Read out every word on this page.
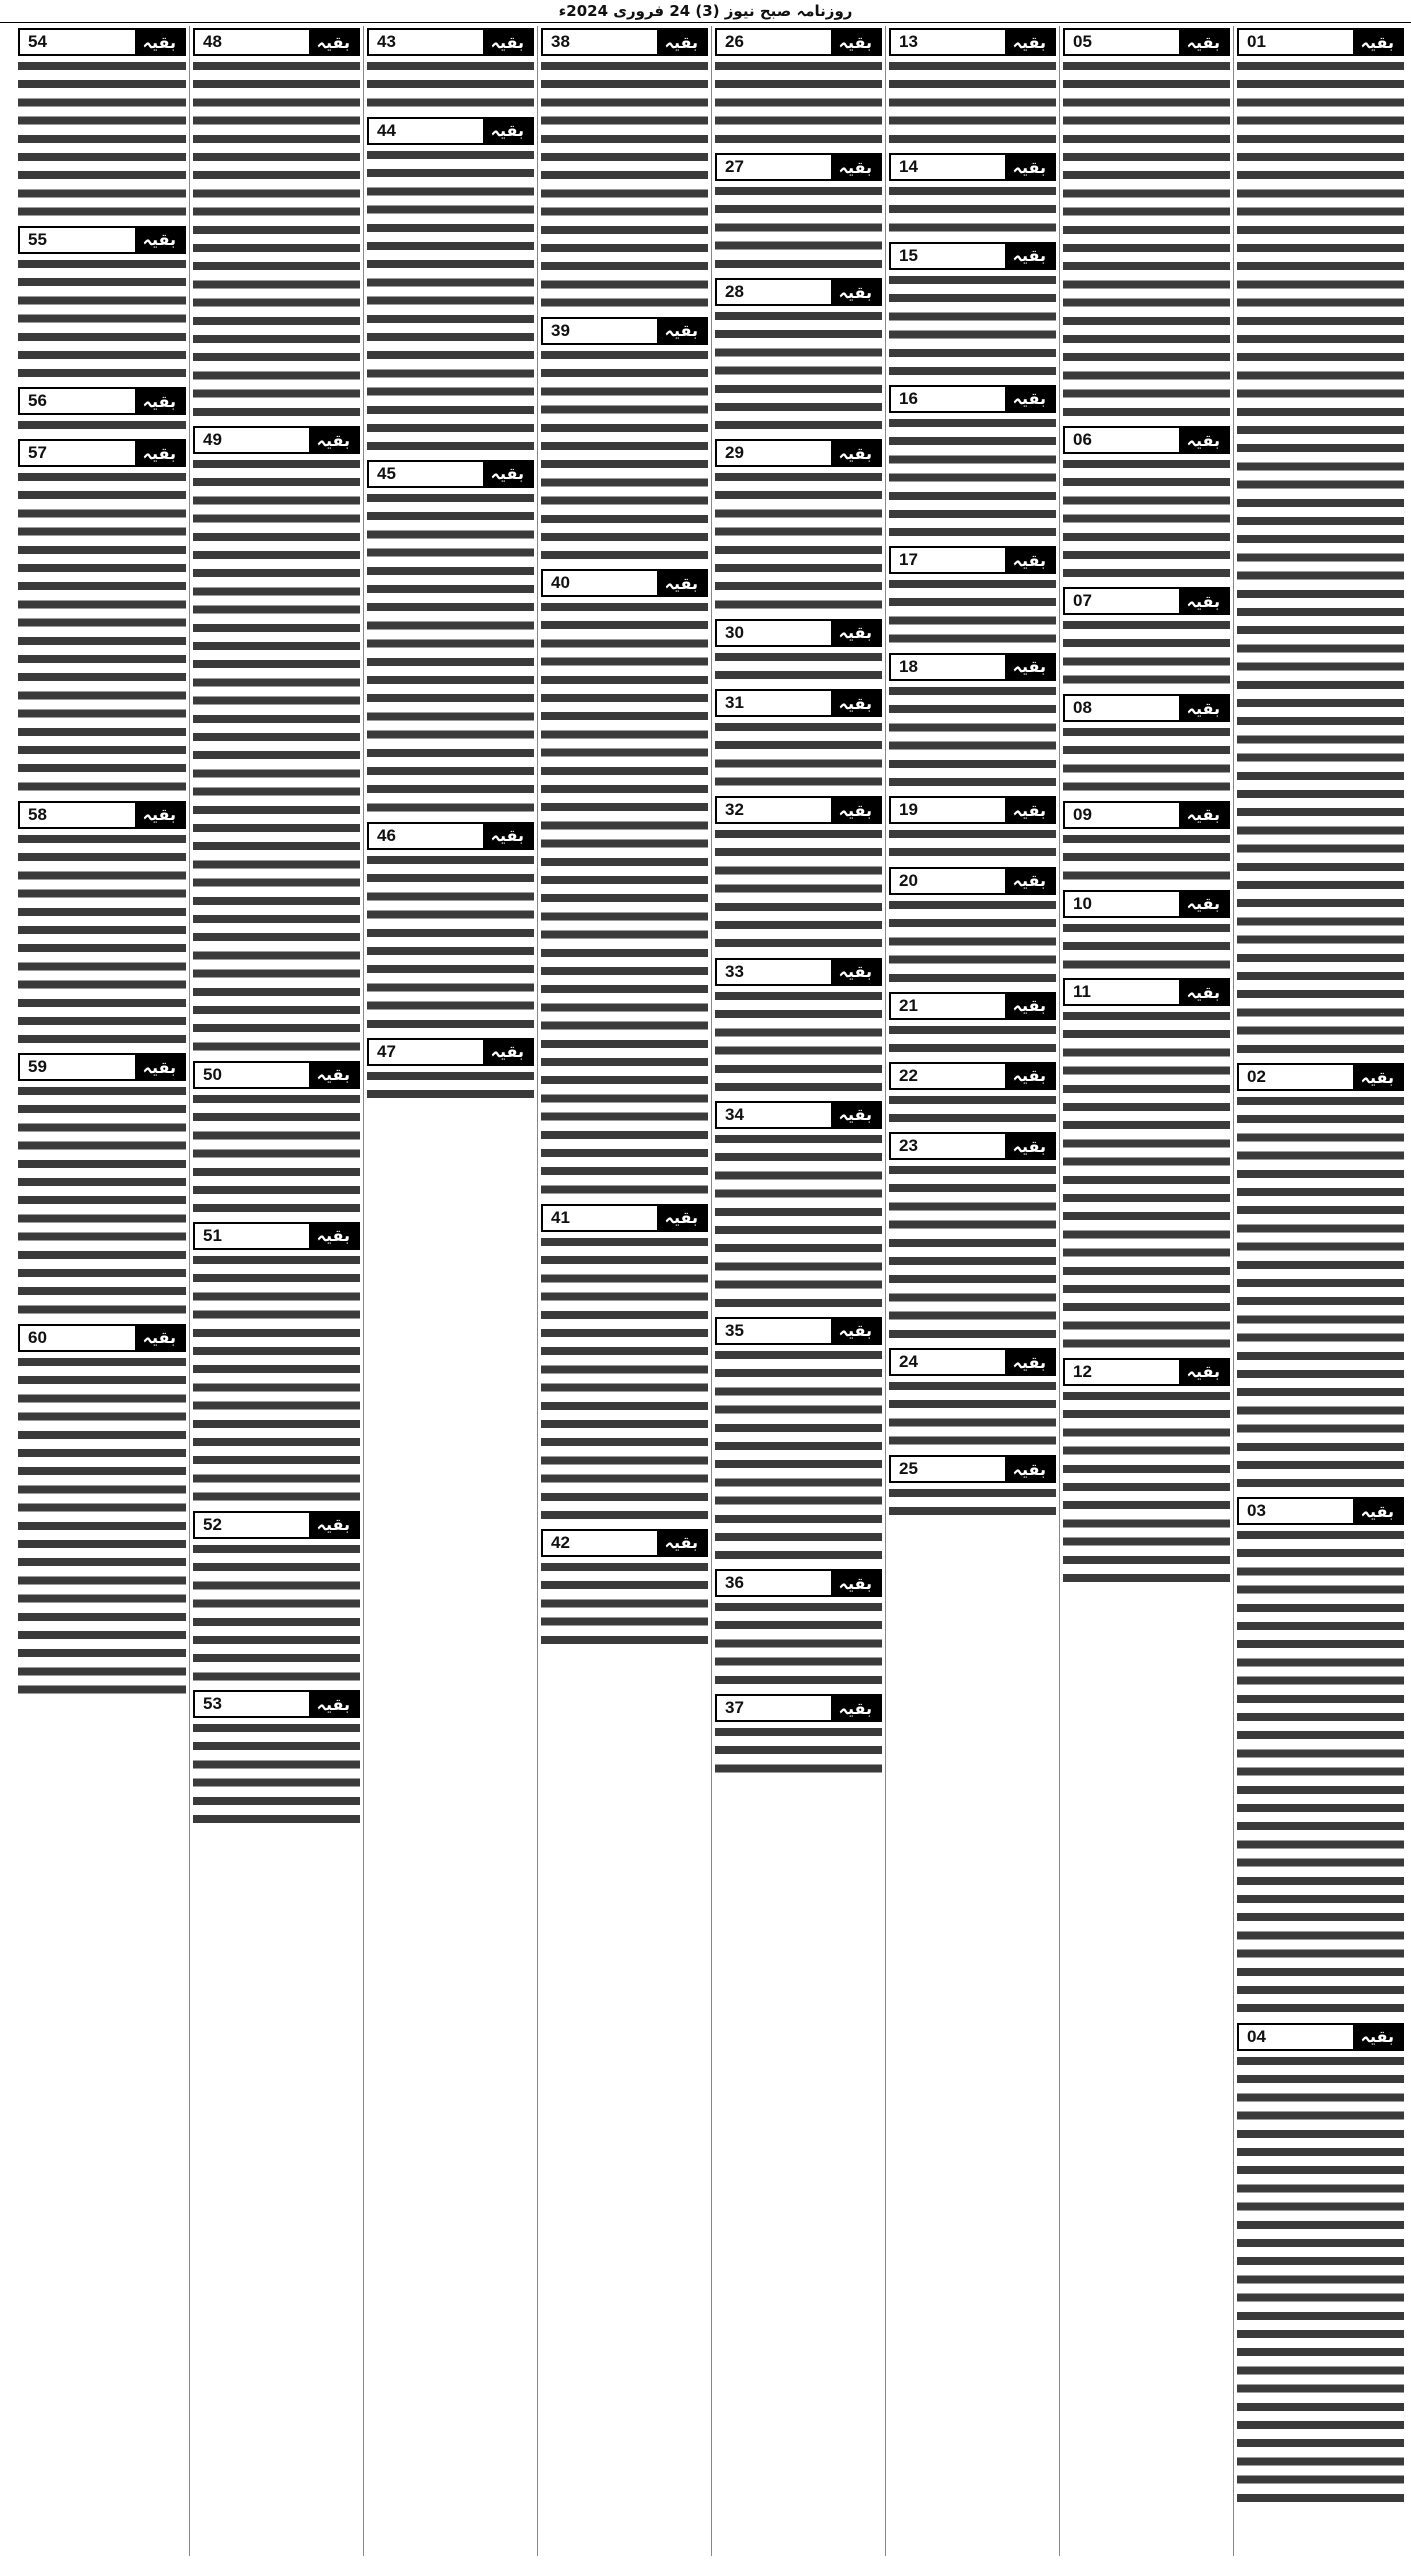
روزنامہ صبح نیوز (3) 24 فروری 2024ء
بقیہ
01
بقیہ
02
بقیہ
03
بقیہ
04
بقیہ
05
بقیہ
06
بقیہ
07
بقیہ
08
بقیہ
09
بقیہ
10
بقیہ
11
بقیہ
12
بقیہ
13
بقیہ
14
بقیہ
15
بقیہ
16
بقیہ
17
بقیہ
18
بقیہ
19
بقیہ
20
بقیہ
21
بقیہ
22
بقیہ
23
بقیہ
24
بقیہ
25
بقیہ
26
بقیہ
27
بقیہ
28
بقیہ
29
بقیہ
30
بقیہ
31
بقیہ
32
بقیہ
33
بقیہ
34
بقیہ
35
بقیہ
36
بقیہ
37
بقیہ
38
بقیہ
39
بقیہ
40
بقیہ
41
بقیہ
42
بقیہ
43
بقیہ
44
بقیہ
45
بقیہ
46
بقیہ
47
بقیہ
48
بقیہ
49
بقیہ
50
بقیہ
51
بقیہ
52
بقیہ
53
بقیہ
54
بقیہ
55
بقیہ
56
بقیہ
57
بقیہ
58
بقیہ
59
بقیہ
60
